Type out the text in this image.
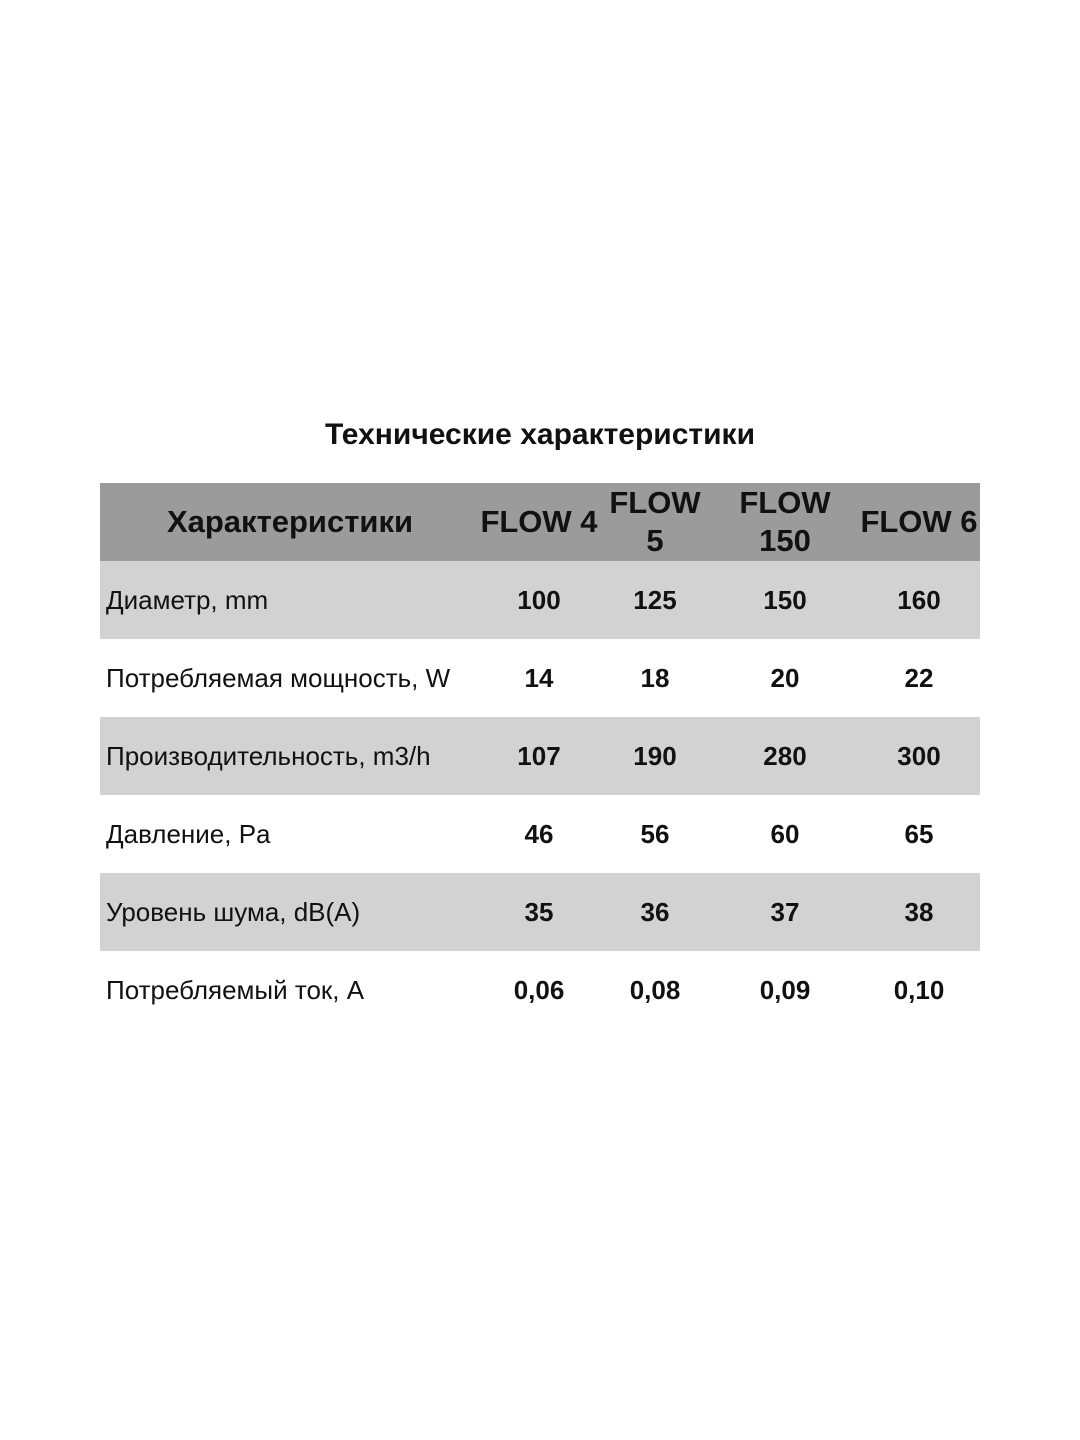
Технические характеристики
Характеристики	FLOW 4	FLOW 5	FLOW 150	FLOW 6
Диаметр, mm	100	125	150	160
Потребляемая мощность, W	14	18	20	22
Производительность, m3/h	107	190	280	300
Давление, Pa	46	56	60	65
Уровень шума, dB(A)	35	36	37	38
Потребляемый ток, A	0,06	0,08	0,09	0,10
